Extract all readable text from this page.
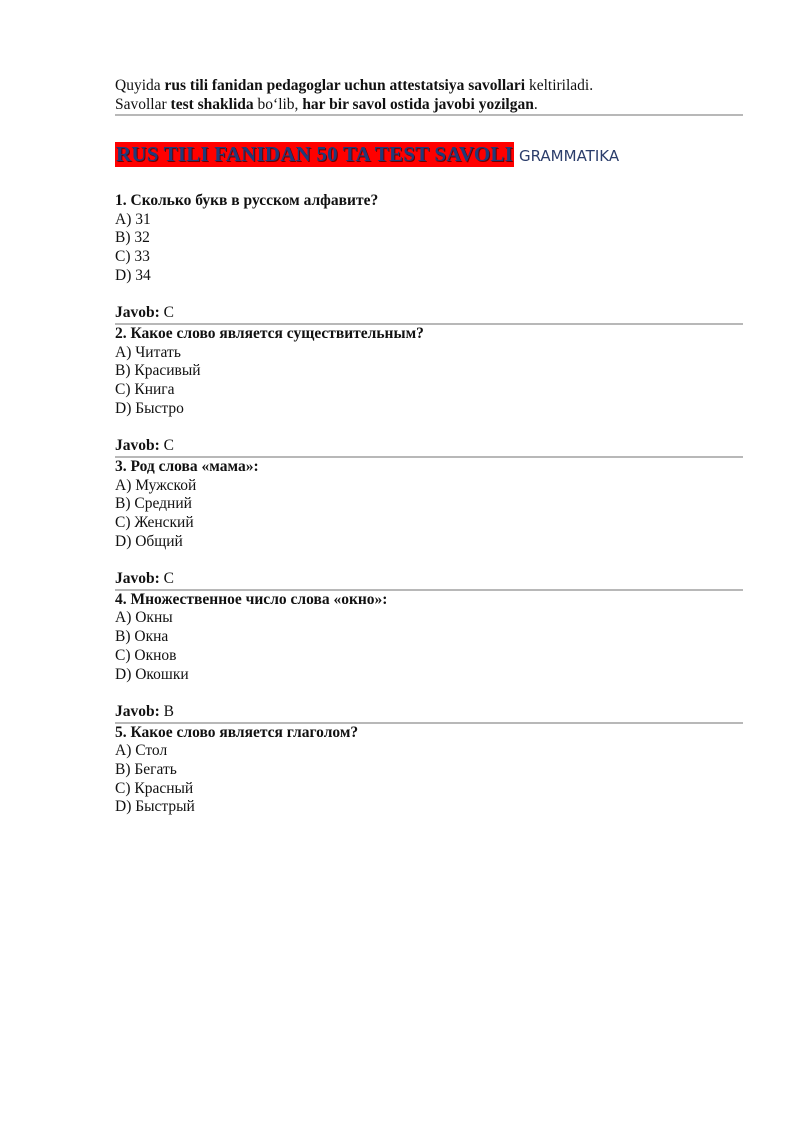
Quyida rus tili fanidan pedagoglar uchun attestatsiya savollari keltiriladi.
Savollar test shaklida bo‘lib, har bir savol ostida javobi yozilgan.
RUS TILI FANIDAN 50 TA TEST SAVOLI GRAMMATIKA
1. Сколько букв в русском алфавите?
A) 31
B) 32
C) 33
D) 34
Javob: C
2. Какое слово является существительным?
A) Читать
B) Красивый
C) Книга
D) Быстро
Javob: C
3. Род слова «мама»:
A) Мужской
B) Средний
C) Женский
D) Общий
Javob: C
4. Множественное число слова «окно»:
A) Окны
B) Окна
C) Окнов
D) Окошки
Javob: B
5. Какое слово является глаголом?
A) Стол
B) Бегать
C) Красный
D) Быстрый
